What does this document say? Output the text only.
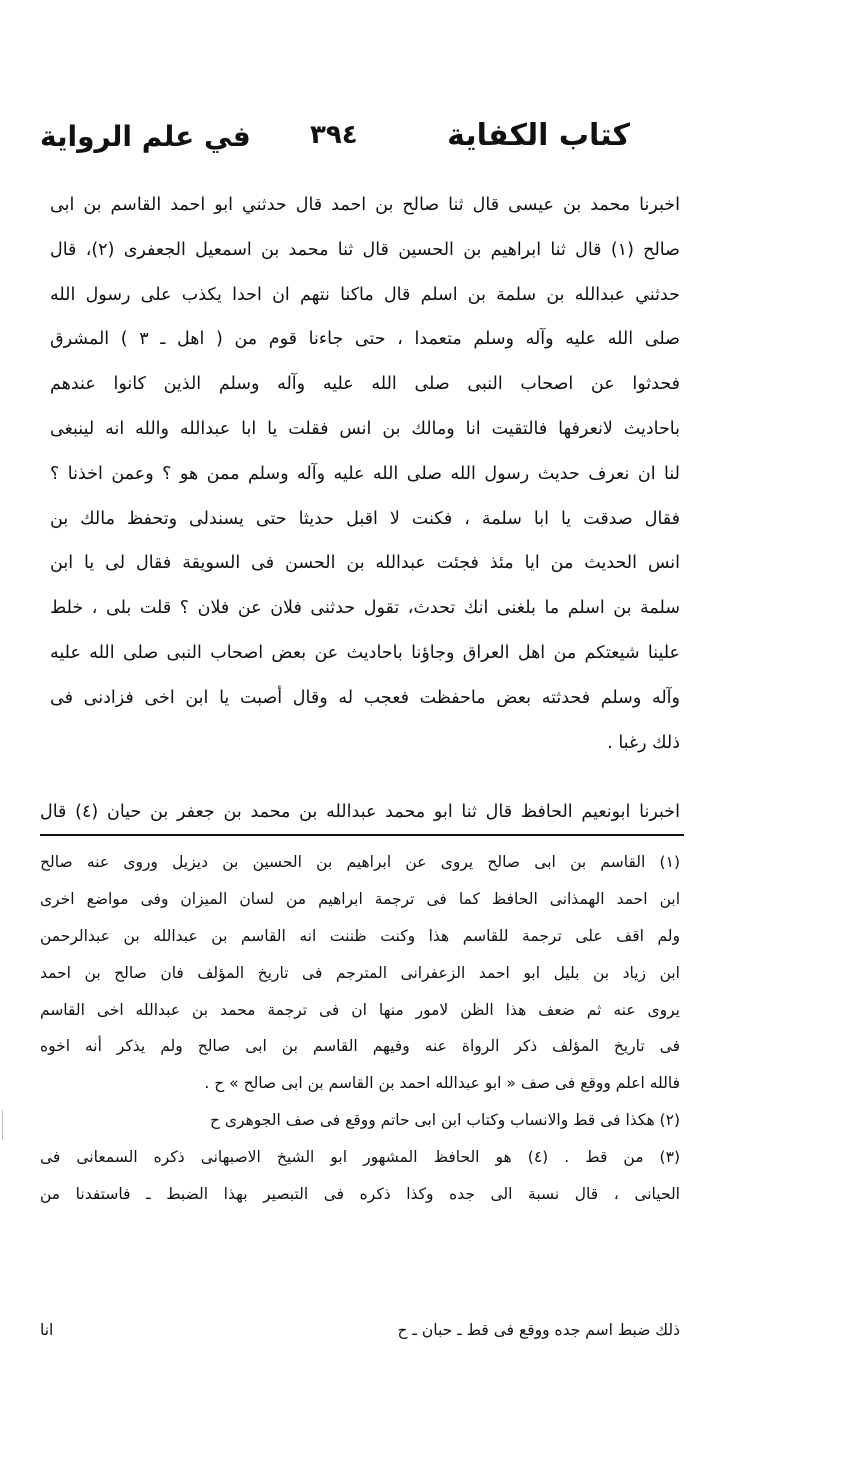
كتاب الكفاية
٣٩٤
في علم الرواية
اخبرنا محمد بن عيسى قال ثنا صالح بن احمد قال حدثني ابو احمد القاسم بن ابى
صالح (١) قال ثنا ابراهيم بن الحسين قال ثنا محمد بن اسمعيل الجعفرى (٢)، قال
حدثني عبدالله بن سلمة بن اسلم قال ماكنا نتهم ان احدا يكذب على رسول الله
صلى الله عليه وآله وسلم متعمدا ، حتى جاءنا قوم من ( اهل ـ ٣ ) المشرق
فحدثوا عن اصحاب النبى صلى الله عليه وآله وسلم الذين كانوا عندهم
باحاديث لانعرفها فالتقيت انا ومالك بن انس فقلت يا ابا عبدالله والله انه لينبغى
لنا ان نعرف حديث رسول الله صلى الله عليه وآله وسلم ممن هو ؟ وعمن اخذنا ؟
فقال صدقت يا ابا سلمة ، فكنت لا اقبل حديثا حتى يسندلى وتحفظ مالك بن
انس الحديث من ايا مئذ فجئت عبدالله بن الحسن فى السويقة فقال لى يا ابن
سلمة بن اسلم ما بلغنى انك تحدث، تقول حدثنى فلان عن فلان ؟ قلت بلى ، خلط
علينا شيعتكم من اهل العراق وجاؤنا باحاديث عن بعض اصحاب النبى صلى الله عليه
وآله وسلم فحدثته بعض ماحفظت فعجب له وقال أصبت يا ابن اخى فزادنى فى
ذلك رغبا .
اخبرنا ابونعيم الحافظ قال ثنا ابو محمد عبدالله بن محمد بن جعفر بن حيان (٤) قال
(١) القاسم بن ابى صالح يروى عن ابراهيم بن الحسين بن ديزيل وروى عنه صالح
ابن احمد الهمذانى الحافظ كما فى ترجمة ابراهيم من لسان الميزان وفى مواضع اخرى
ولم اقف على ترجمة للقاسم هذا وكنت ظننت انه القاسم بن عبدالله بن عبدالرحمن
ابن زياد بن بليل ابو احمد الزعفرانى المترجم فى تاريخ المؤلف فان صالح بن احمد
يروى عنه ثم ضعف هذا الظن لامور منها ان فى ترجمة محمد بن عبدالله اخى القاسم
فى تاريخ المؤلف ذكر الرواة عنه وفيهم القاسم بن ابى صالح ولم يذكر أنه اخوه
فالله اعلم ووقع فى صف « ابو عبدالله احمد بن القاسم بن ابى صالح » ح .
(٢) هكذا فى قط والانساب وكتاب ابن ابى حاتم ووقع فى صف الجوهرى ح
(٣) من قط . (٤) هو الحافظ المشهور ابو الشيخ الاصبهانى ذكره السمعانى فى
الحيانى ، قال نسبة الى جده وكذا ذكره فى التبصير بهذا الضبط ـ فاستفدنا من
ذلك ضبط اسم جده ووقع فى قط ـ حبان ـ ح
انا
